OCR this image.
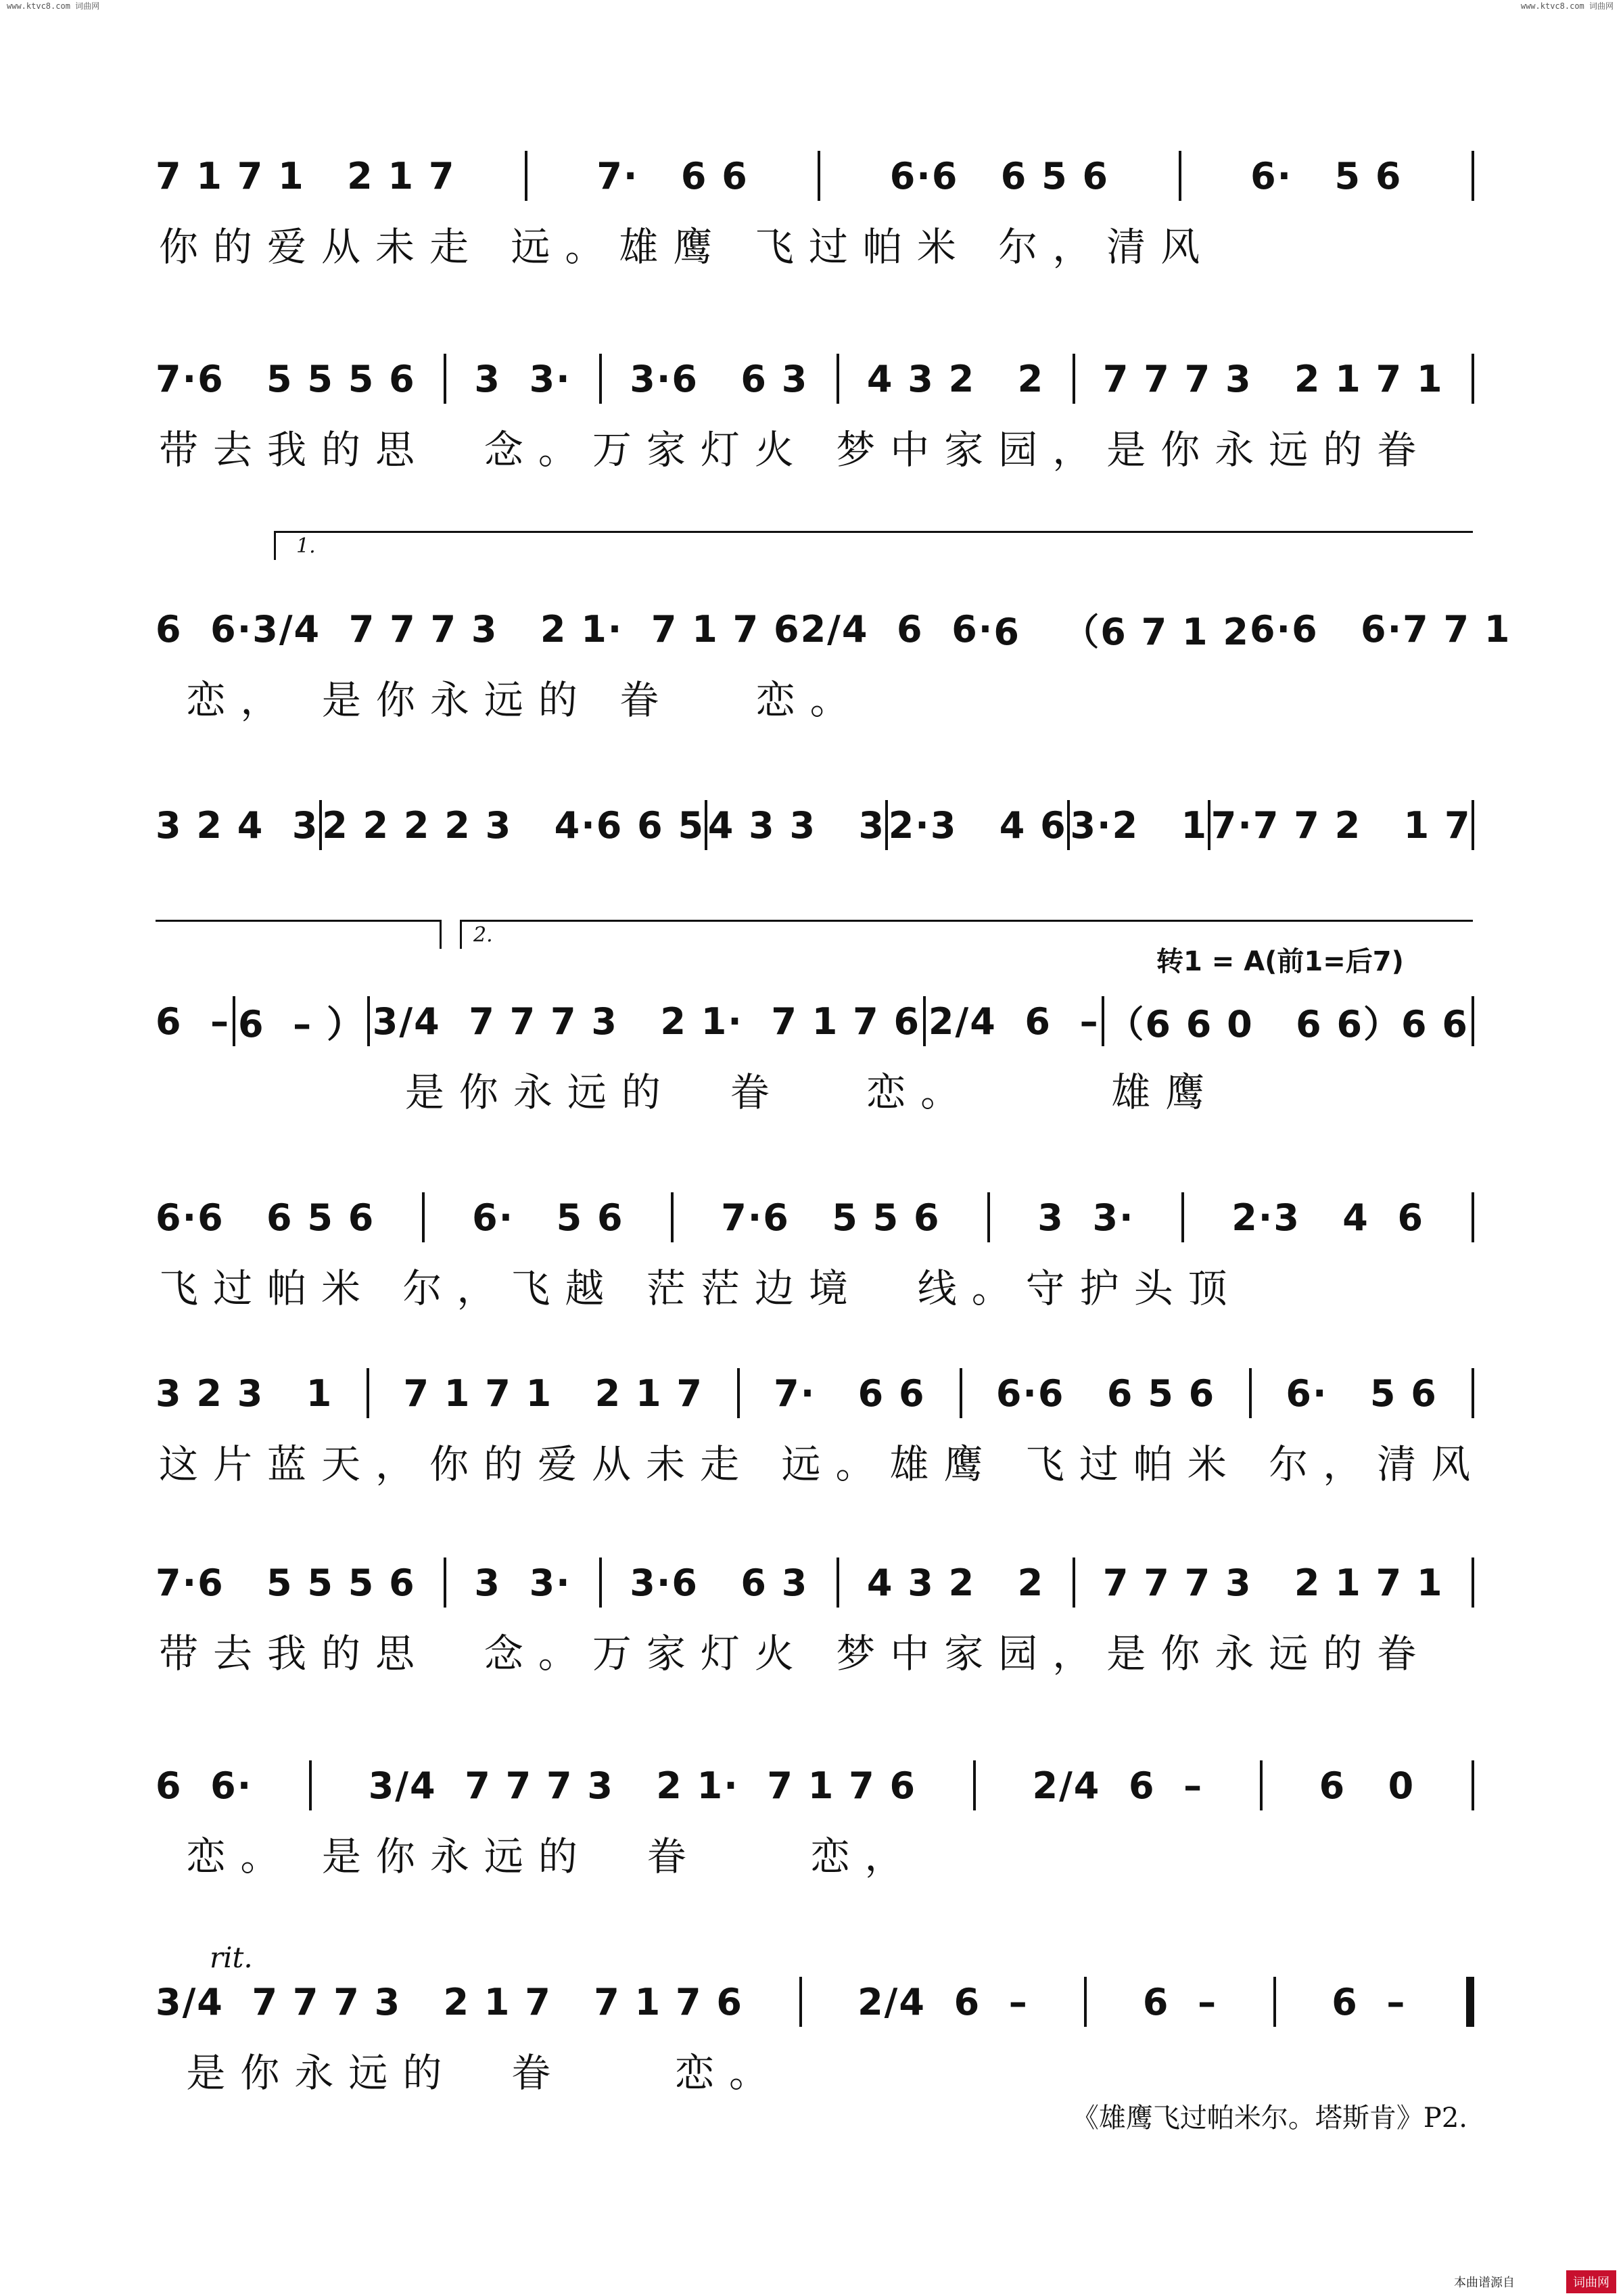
www.ktvc8.com 词曲网	www.ktvc8.com 词曲网
1.
2.
转1 = A(前1=后7)
rit.
7 1 7 1   2 1 7	7·   6 6	6·6   6 5 6	6·   5 6
你的爱从未走 远。雄鹰 飞过帕米 尔，清风
7·6   5 5 5 6 3  3· 3·6   6 3 4 3 2   2 7 7 7 3   2 1 7 1
带去我的思  念。万家灯火 梦中家园，是你永远的眷
6  6· 3/4  7 7 7 3   2 1·  7 1 7 6 2/4  6  6· 6   （6 7 1 2 6·6   6·7 7 1
恋， 是你永远的 眷   恋。
3 2 4  3 2 2 2 2 3   4·6 6 5 4 3 3   3 2·3   4 6 3·2   1 7·7 7 2   1 7
6  – 6  – ） 3/4  7 7 7 3   2 1·  7 1 7 6 2/4  6  – （6 6 0   6 6）6 6
是你永远的  眷   恋。     雄鹰
6·6   6 5 6	6·   5 6	7·6   5 5 6	3  3·	2·3   4  6
飞过帕米 尔，飞越 茫茫边境  线。守护头顶
3 2 3   1 7 1 7 1   2 1 7 7·   6 6 6·6   6 5 6 6·   5 6
这片蓝天，你的爱从未走 远。雄鹰 飞过帕米 尔，清风
7·6   5 5 5 6 3  3· 3·6   6 3 4 3 2   2 7 7 7 3   2 1 7 1
带去我的思  念。万家灯火 梦中家园，是你永远的眷
6  6·	3/4  7 7 7 3   2 1·  7 1 7 6	2/4  6  –	6   0
恋。 是你永远的  眷    恋，
3/4  7 7 7 3   2 1 7   7 1 7 6	2/4  6  –	6  –	6  –
是你永远的  眷    恋。
《雄鹰飞过帕米尔。塔斯肯》P2.
本曲谱源自	词曲网
